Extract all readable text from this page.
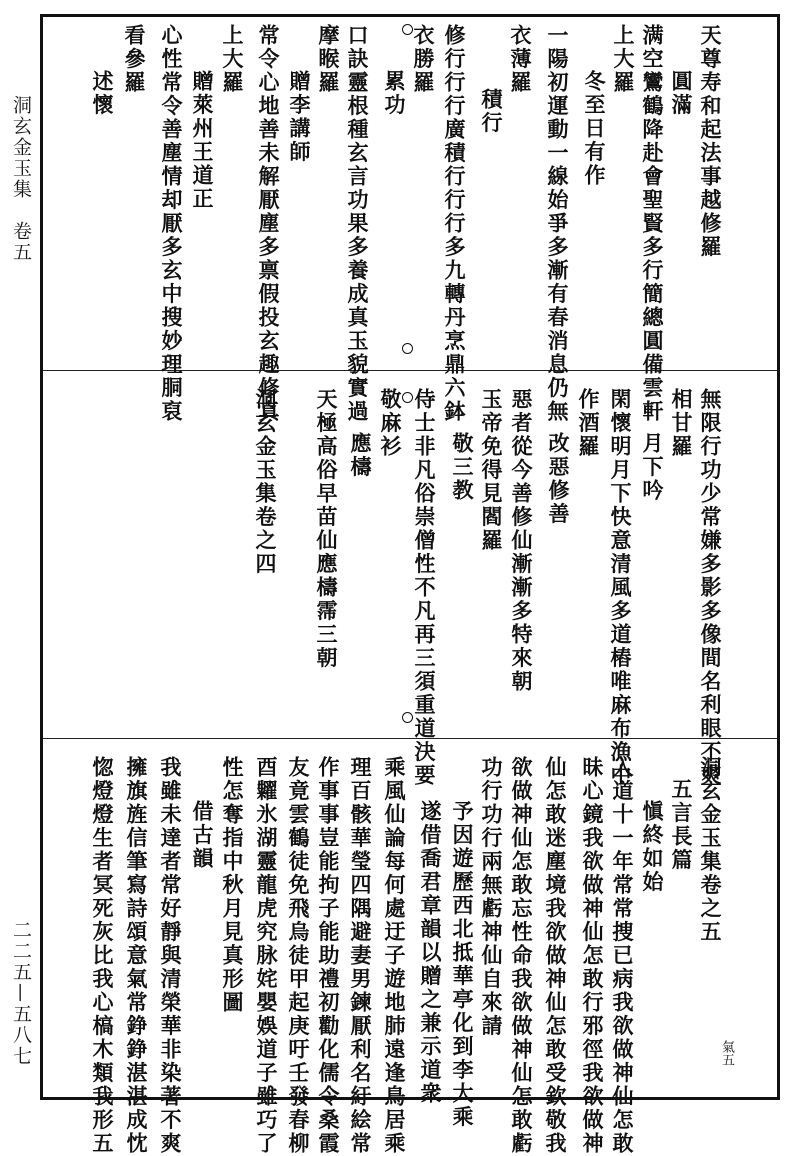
洞玄金玉集　卷五
二二五—五八七
天尊寿和起法事越修羅
圓滿
满空鸞鶴降赴會聖賢多行簡總圓備雲軒
上大羅
冬至日有作
一陽初運動一線始爭多漸有春消息仍無
衣薄羅
積行
修行行行廣積行行行多九轉丹烹鼎六鉢
衣勝羅
累功
口訣靈根種玄言功果多養成真玉貌實過
摩睺羅
贈李講師
常令心地善未解厭塵多禀假投玄趣修真
上大羅
贈萊州王道正
心性常令善塵情却厭多玄中搜妙理胴裒
看參羅
述懷
無限行功少常嫌多影多像間名利眼不爽
相甘羅
月下吟
閑懷明月下快意清風多道樁唯麻布漁中
作酒羅
改惡修善
惡者從今善修仙漸漸多特來朝
玉帝免得見閻羅
敬三教
侍士非凡俗崇僧性不凡再三須重道決要
敬麻衫
應檮
天極高俗早苗仙應檮霈三朝
洞玄金玉集卷之四
洞玄金玉集卷之五
五言長篇
愼終如始
入道十一年常常捜已病我欲做神仙怎敢
昧心鏡我欲做神仙怎敢行邪徑我欲做神
仙怎敢迷塵境我欲做神仙怎敢受欽敬我
欲做神仙怎敢忘性命我欲做神仙怎敢虧
功行功行兩無虧神仙自來請
予因遊歷西北抵華亭化到李大乘
遂借喬君章韻以贈之兼示道衆
乘風仙論每何處迂子遊地肺遠逢鳥居乘
理百骸華瑩四隅避妻男鍊厭利名紆絵常
作事事豈能拘子能助禮初勸化儒令桑霞
友竟雲鶴徒免飛烏徒甲起庚吁壬發春柳
酉糶氷湖靈龍虎究脉姹嬰娛道子雖巧了
性怎奪指中秋月見真形圖
借古韻
我雖未達者常好靜與清榮華非染著不爽
擁旗旌信筆寫詩頌意氣常錚錚湛湛成忱
惚燈燈生者冥死灰比我心槁木類我形五	氣五
